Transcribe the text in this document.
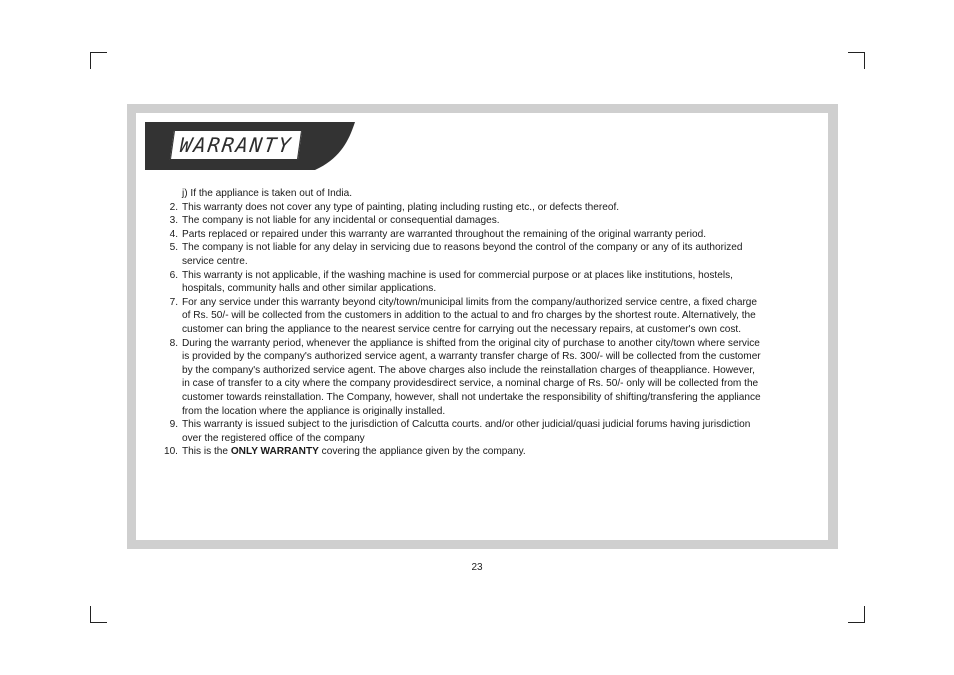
WARRANTY
j) If the appliance is taken out of India.
2. This warranty does not cover any type of painting, plating including rusting etc., or defects thereof.
3. The company is not liable for any incidental or consequential damages.
4. Parts replaced or repaired under this warranty are warranted throughout the remaining of the original warranty period.
5. The company is not liable for any delay in servicing due to reasons beyond the control of the company or any of its authorized service centre.
6. This warranty is not applicable, if the washing machine is used for commercial purpose or at places like institutions, hostels, hospitals, community halls and other similar applications.
7. For any service under this warranty beyond city/town/municipal limits from the company/authorized service centre, a fixed charge of Rs. 50/- will be collected from the customers in addition to the actual to and fro charges by the shortest route. Alternatively, the customer can bring the appliance to the nearest service centre for carrying out the necessary repairs, at customer's own cost.
8. During the warranty period, whenever the appliance is shifted from the original city of purchase to another city/town where service is provided by the company's authorized service agent, a warranty transfer charge of Rs. 300/- will be collected from the customer by the company's authorized service agent. The above charges also include the reinstallation charges of theappliance. However, in case of transfer to a city where the company providesdirect service, a nominal charge of Rs. 50/- only will be collected from the customer towards reinstallation. The Company, however, shall not undertake the responsibility of shifting/transfering the appliance from the location where the appliance is originally installed.
9. This warranty is issued subject to the jurisdiction of Calcutta courts. and/or other judicial/quasi judicial forums having jurisdiction over the registered office of the company
10. This is the ONLY WARRANTY covering the appliance given by the company.
23
